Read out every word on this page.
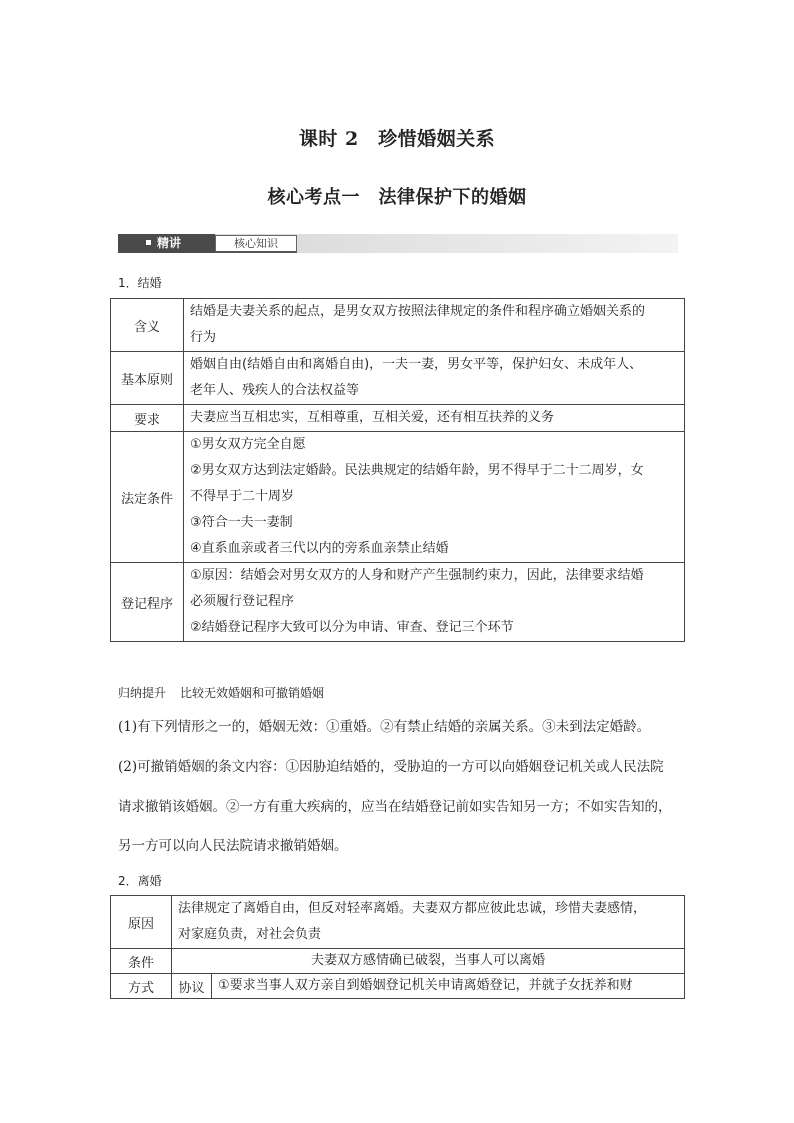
课时 2　珍惜婚姻关系
核心考点一　法律保护下的婚姻
精讲	核心知识
1．结婚
含义	结婚是夫妻关系的起点，是男女双方按照法律规定的条件和程序确立婚姻关系的
行为

基本原则	婚姻自由(结婚自由和离婚自由)，一夫一妻，男女平等，保护妇女、未成年人、
老年人、残疾人的合法权益等

要求	夫妻应当互相忠实，互相尊重，互相关爱，还有相互扶养的义务

法定条件	①男女双方完全自愿
②男女双方达到法定婚龄。民法典规定的结婚年龄，男不得早于二十二周岁，女
不得早于二十周岁
③符合一夫一妻制
④直系血亲或者三代以内的旁系血亲禁止结婚

登记程序	①原因：结婚会对男女双方的人身和财产产生强制约束力，因此，法律要求结婚
必须履行登记程序
②结婚登记程序大致可以分为申请、审查、登记三个环节
归纳提升 比较无效婚姻和可撤销婚姻
(1)有下列情形之一的，婚姻无效：①重婚。②有禁止结婚的亲属关系。③未到法定婚龄。
(2)可撤销婚姻的条文内容：①因胁迫结婚的，受胁迫的一方可以向婚姻登记机关或人民法院
请求撤销该婚姻。②一方有重大疾病的，应当在结婚登记前如实告知另一方；不如实告知的，
另一方可以向人民法院请求撤销婚姻。
2．离婚
原因	法律规定了离婚自由，但反对轻率离婚。夫妻双方都应彼此忠诚，珍惜夫妻感情，
对家庭负责，对社会负责	

条件	夫妻双方感情确已破裂，当事人可以离婚	

方式	协议	①要求当事人双方亲自到婚姻登记机关申请离婚登记，并就子女抚养和财
